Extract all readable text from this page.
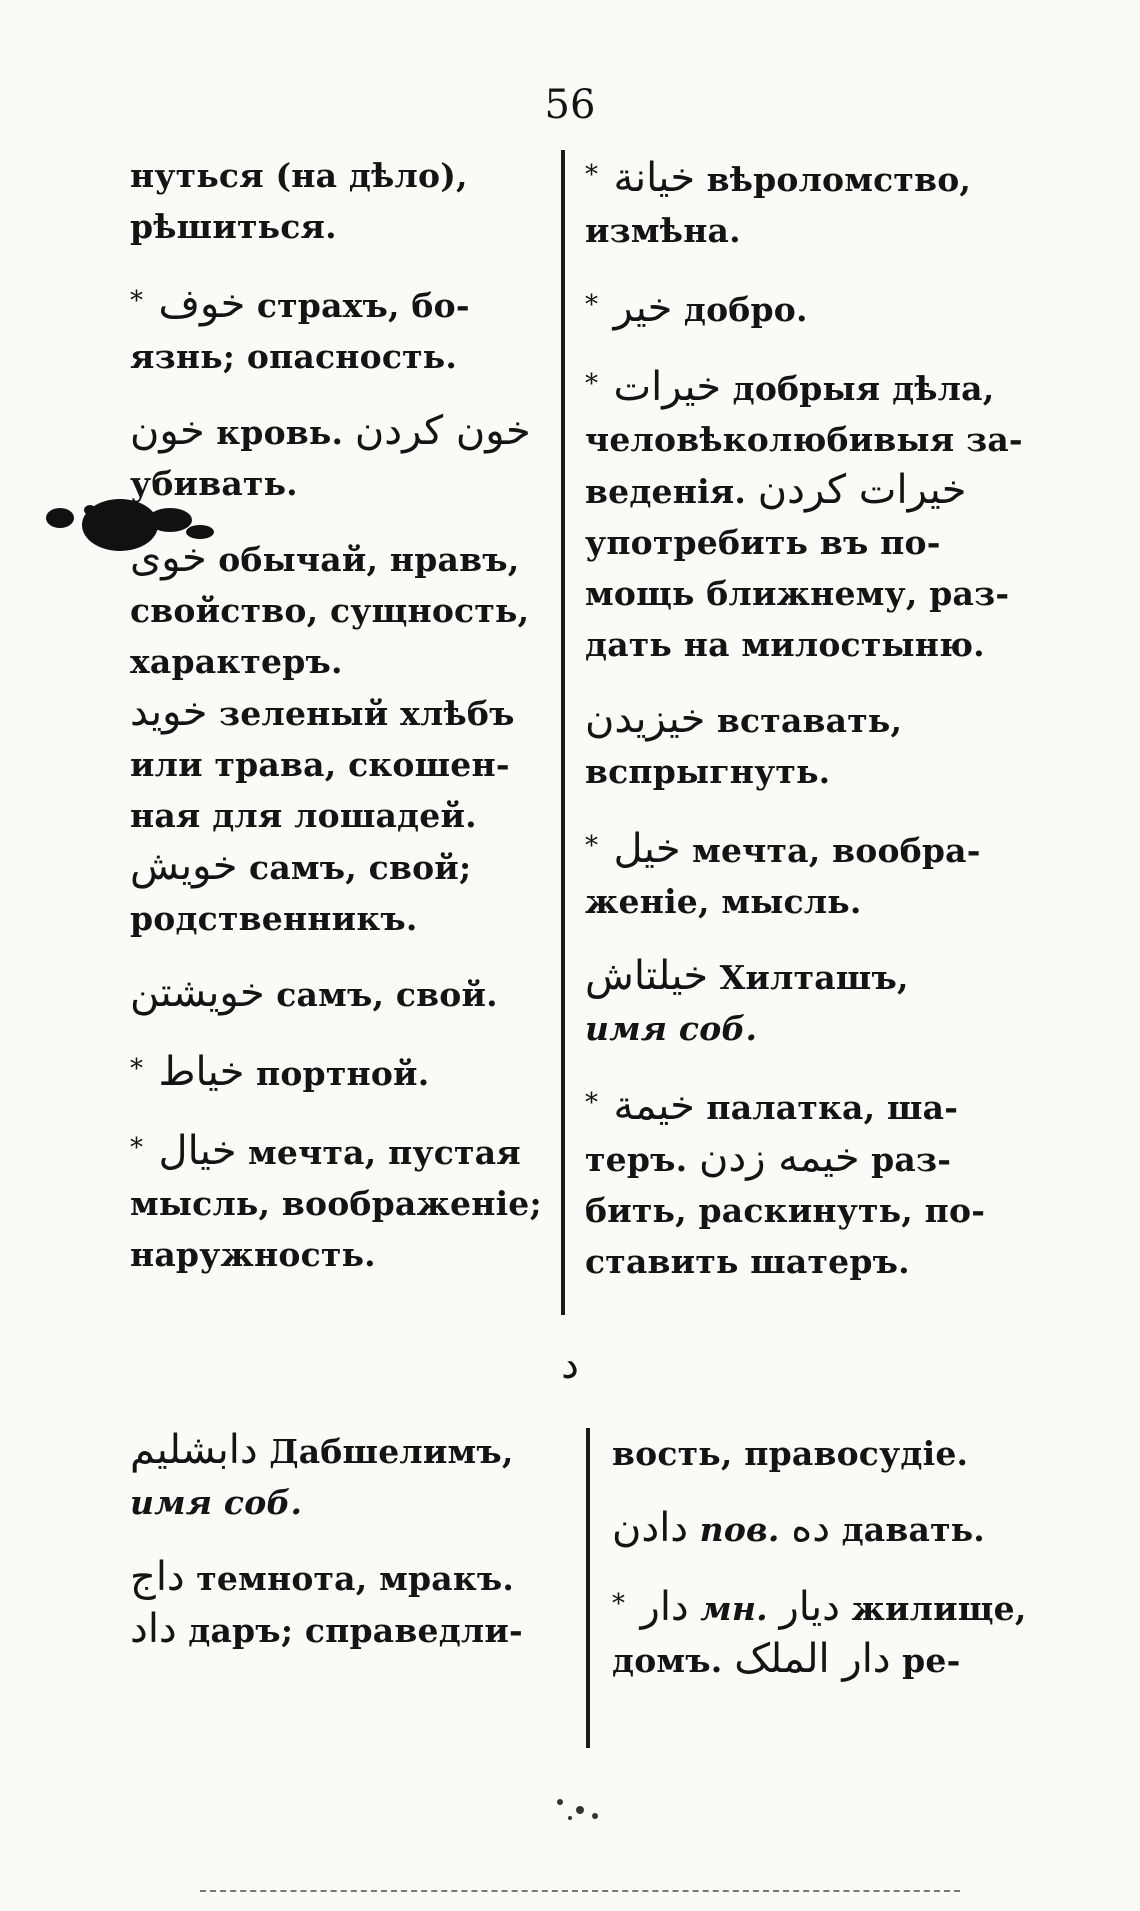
56

нуться (на дѣло),
рѣшиться.

* خوف страхъ, бо-
язнь; опасность.

خون кровь. خون کردن
убивать.

خوی обычай, нравъ,
свойство, сущность,
характеръ.

خوید зеленый хлѣбъ
или трава, скошен-
ная для лошадей.

خویش самъ, свой;
родственникъ.

خویشتن самъ, свой.

* خیاط портной.

* خیال мечта, пустая
мысль, воображеніе;
наружность.

* خیانة вѣроломство,
измѣна.

* خیر добро.

* خیرات добрыя дѣла,
человѣколюбивыя за-
веденія. خیرات کردن
употребить въ по-
мощь ближнему, раз-
дать на милостыню.

خیزیدن вставать,
вспрыгнуть.

* خیل мечта, вообра-
женіе, мысль.

خیلتاش Хилташъ,
имя соб.

* خیمة палатка, ша-
теръ. خیمه زدن раз-
бить, раскинуть, по-
ставить шатеръ.

د

دابشلیم Дабшелимъ,
имя соб.

داج темнота, мракъ.

داد даръ; справедли-

вость, правосудіе.

دادن пов. ده давать.

* دار мн. دیار жилище,

домъ. دار الملک ре-
